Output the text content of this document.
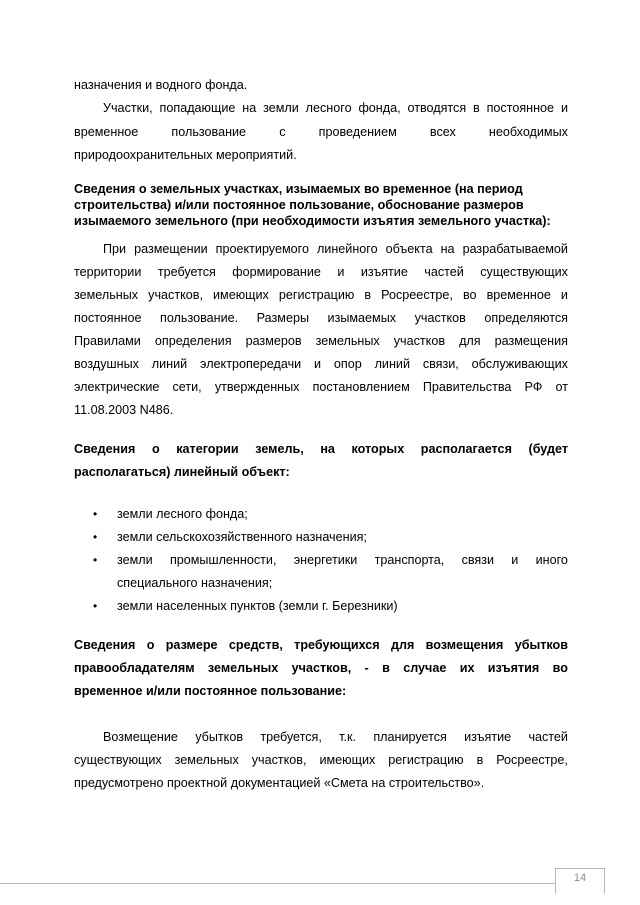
назначения и водного фонда.
Участки, попадающие на земли лесного фонда, отводятся в постоянное и
временное	пользование	с	проведением	всех	необходимых
природоохранительных мероприятий.
Сведения о земельных участках, изымаемых во временное (на период
строительства) и/или постоянное пользование, обоснование размеров
изымаемого земельного (при необходимости изъятия земельного участка):
При размещении проектируемого линейного объекта на разрабатываемой
территории требуется формирование и изъятие частей существующих
земельных участков, имеющих регистрацию в Росреестре, во временное и
постоянное пользование. Размеры изымаемых участков определяются
Правилами определения размеров земельных участков для размещения
воздушных линий электропередачи и опор линий связи, обслуживающих
электрические сети, утвержденных постановлением Правительства РФ от
11.08.2003 N486.
Сведения о категории земель, на которых располагается (будет
располагаться) линейный объект:
• земли лесного фонда;
• земли сельскохозяйственного назначения;
• земли промышленности, энергетики транспорта, связи и иного
специального назначения;
• земли населенных пунктов (земли г. Березники)
Сведения о размере средств, требующихся для возмещения убытков
правообладателям земельных участков, - в случае их изъятия во
временное и/или постоянное пользование:
Возмещение убытков требуется, т.к. планируется изъятие частей
существующих земельных участков, имеющих регистрацию в Росреестре,
предусмотрено проектной документацией «Смета на строительство».
14
